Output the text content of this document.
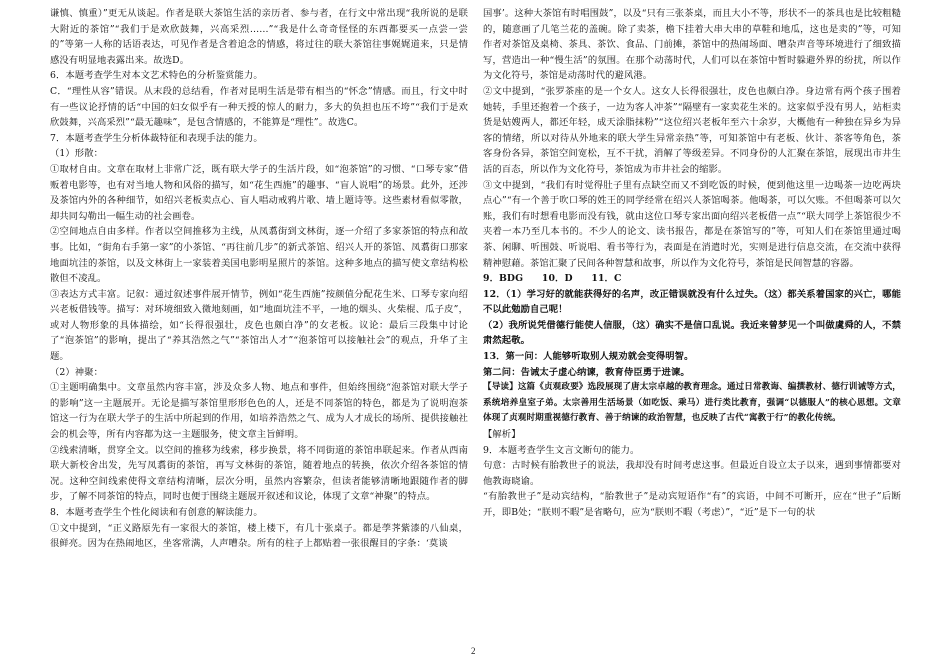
谦慎、慎重）”更无从谈起。作者是联大茶馆生活的亲历者、参与者，在行文中常出现“我所说的是联大附近的茶馆”“我们于是欢欣鼓舞，兴高采烈……”“我是什么奇奇怪怪的东西都要买一点尝一尝的”等第一人称的话语表达，可见作者是含着追念的情感，将过往的联大茶馆往事娓娓道来，只是情感没有明显地表露出来。故选D。

6．本题考查学生对本文艺术特色的分析鉴赏能力。

C．“理性从容”错误。从末段的总结看，作者对昆明生活是带有相当的“怀念”情感。而且，行文中时有一些议论抒情的话“中国的妇女似乎有一种天授的惊人的耐力，多大的负担也压不垮”“我们于是欢欣鼓舞，兴高采烈”“最无趣味”，是包含情感的，不能算是“理性”。故选C。

7．本题考查学生分析体裁特征和表现手法的能力。

（1）形散：

①取材自由。文章在取材上非常广泛，既有联大学子的生活片段，如“泡茶馆”的习惯、“口琴专家”借贩着电影等，也有对当地人物和风俗的描写，如“花生西施”的趣事、“盲人说唱”的场景。此外，还涉及茶馆内外的各种细节，如绍兴老板卖点心、盲人唱动戒鸦片歌、墙上题诗等。这些素材看似零散，却共同勾勒出一幅生动的社会画卷。

②空间地点自由多样。作者以空间推移为主线，从凤翥街到文林街，逐一介绍了多家茶馆的特点和故事。比如，“街角右手第一家”的小茶馆、“再往前几步”的新式茶馆、绍兴人开的茶馆、凤翥街口那家地面坑洼的茶馆，以及文林街上一家装着美国电影明星照片的茶馆。这种多地点的描写使文章结构松散但不凌乱。

③表达方式丰富。记叙：通过叙述事件展开情节，例如“花生西施”按颜值分配花生米、口琴专家向绍兴老板借钱等。描写：对环境细致入微地刻画，如“地面坑洼不平，一地的烟头、火柴棍、瓜子皮”，或对人物形象的具体描绘，如“长得很强壮，皮色也颇白净”的女老板。议论：最后三段集中讨论了“泡茶馆”的影响，提出了“养其浩然之气”“茶馆出人才”“泡茶馆可以接触社会”的观点，升华了主题。

（2）神聚：

①主题明确集中。文章虽然内容丰富，涉及众多人物、地点和事件，但始终围绕“泡茶馆对联大学子的影响”这一主题展开。无论是描写茶馆里形形色色的人，还是不同茶馆的特色，都是为了说明泡茶馆这一行为在联大学子的生活中所起到的作用，如培养浩然之气、成为人才成长的场所、提供接触社会的机会等，所有内容都为这一主题服务，使文章主旨鲜明。

②线索清晰，贯穿全文。以空间的推移为线索，移步换景，将不同街道的茶馆串联起来。作者从西南联大新校舍出发，先写凤翥街的茶馆，再写文林街的茶馆，随着地点的转换，依次介绍各茶馆的情况。这种空间线索使得文章结构清晰，层次分明，虽然内容繁杂，但读者能够清晰地跟随作者的脚步，了解不同茶馆的特点，同时也便于围绕主题展开叙述和议论，体现了文章“神聚”的特点。

8．本题考查学生个性化阅读和有创意的解读能力。

①文中提到，“正义路原先有一家很大的茶馆，楼上楼下，有几十张桌子。都是荸荠紫漆的八仙桌，很鲜亮。因为在热闹地区，坐客常满，人声嘈杂。所有的柱子上都贴着一张很醒目的字条：‘莫谈

国事’。这种大茶馆有时唱围鼓”，以及“只有三张茶桌，而且大小不等，形状不一的茶具也是比较粗糙的，随意画了几笔兰花的盖碗。除了卖茶，檐下挂着大串大串的草鞋和地瓜，这也是卖的”等，可知作者对茶馆及桌椅、茶具、茶饮、食品、门前摊，茶馆中的热闹场面、嘈杂声音等环境进行了细致描写，营造出一种“慢生活”的氛围。在那个动荡时代，人们可以在茶馆中暂时躲避外界的纷扰，所以作为文化符号，茶馆是动荡时代的避风港。

②文中提到，“张罗茶座的是一个女人。这女人长得很强壮，皮色也颇白净。身边常有两个孩子围着她转，手里还抱着一个孩子，一边为客人冲茶”“隔壁有一家卖花生米的。这家似乎没有男人，站柜卖货是姑嫂两人，都还年轻，成天涂脂抹粉”“这位绍兴老板年至六十余岁，大概他有一种独在异乡为异客的情绪，所以对待从外地来的联大学生异常亲热”等，可知茶馆中有老板、伙计、茶客等角色，茶客身份各异，茶馆空间宽松，互不干扰，消解了等级差异。不同身份的人汇聚在茶馆，展现出市井生活的百态，所以作为文化符号，茶馆成为市井社会的缩影。

③文中提到，“我们有时觉得肚子里有点缺空而又不到吃饭的时候，便到他这里一边喝茶一边吃两块点心”“有一个善于吹口琴的姓王的同学经常在绍兴人茶馆喝茶。他喝茶，可以欠账。不但喝茶可以欠账，我们有时想看电影而没有钱，就由这位口琴专家出面向绍兴老板借一点”“联大同学上茶馆很少不夹着一本乃至几本书的。不少人的论文、读书报告，都是在茶馆写的”等，可知人们在茶馆里通过喝茶、闲聊、听围鼓、听说唱、看书等行为，表面是在消遣时光，实则是进行信息交流，在交流中获得精神慰藉。茶馆汇聚了民间各种智慧和故事，所以作为文化符号，茶馆是民间智慧的容器。

9．BDG　　10．D　　11．C

12．（1）学习好的就能获得好的名声，改正错误就没有什么过失。（这）都关系着国家的兴亡，哪能不以此勉励自己呢！

（2）我所说凭借德行能使人信服，（这）确实不是信口乱说。我近来曾梦见一个叫做虞舜的人，不禁肃然起敬。

13．第一问：人能够听取别人规劝就会变得明智。

第二问：告诫太子虚心纳谏，教育侍臣勇于进谏。

【导读】这篇《贞观政要》选段展现了唐太宗卓越的教育理念。通过日常教诲、编撰教材、德行训诫等方式，系统培养皇室子弟。太宗善用生活场景（如吃饭、乘马）进行类比教育，强调“以德服人”的核心思想。文章体现了贞观时期重视德行教育、善于纳谏的政治智慧，也反映了古代“寓教于行”的教化传统。

【解析】

9．本题考查学生文言文断句的能力。

句意：古时候有胎教世子的说法，我却没有时间考虑这事。但最近自设立太子以来，遇到事情都要对他教诲晓谕。

“有胎教世子”是动宾结构，“胎教世子”是动宾短语作“有”的宾语，中间不可断开，应在“世子”后断开，即B处；“朕则不暇”是省略句，应为“朕则不暇（考虑）”，“近”是下一句的状

2
